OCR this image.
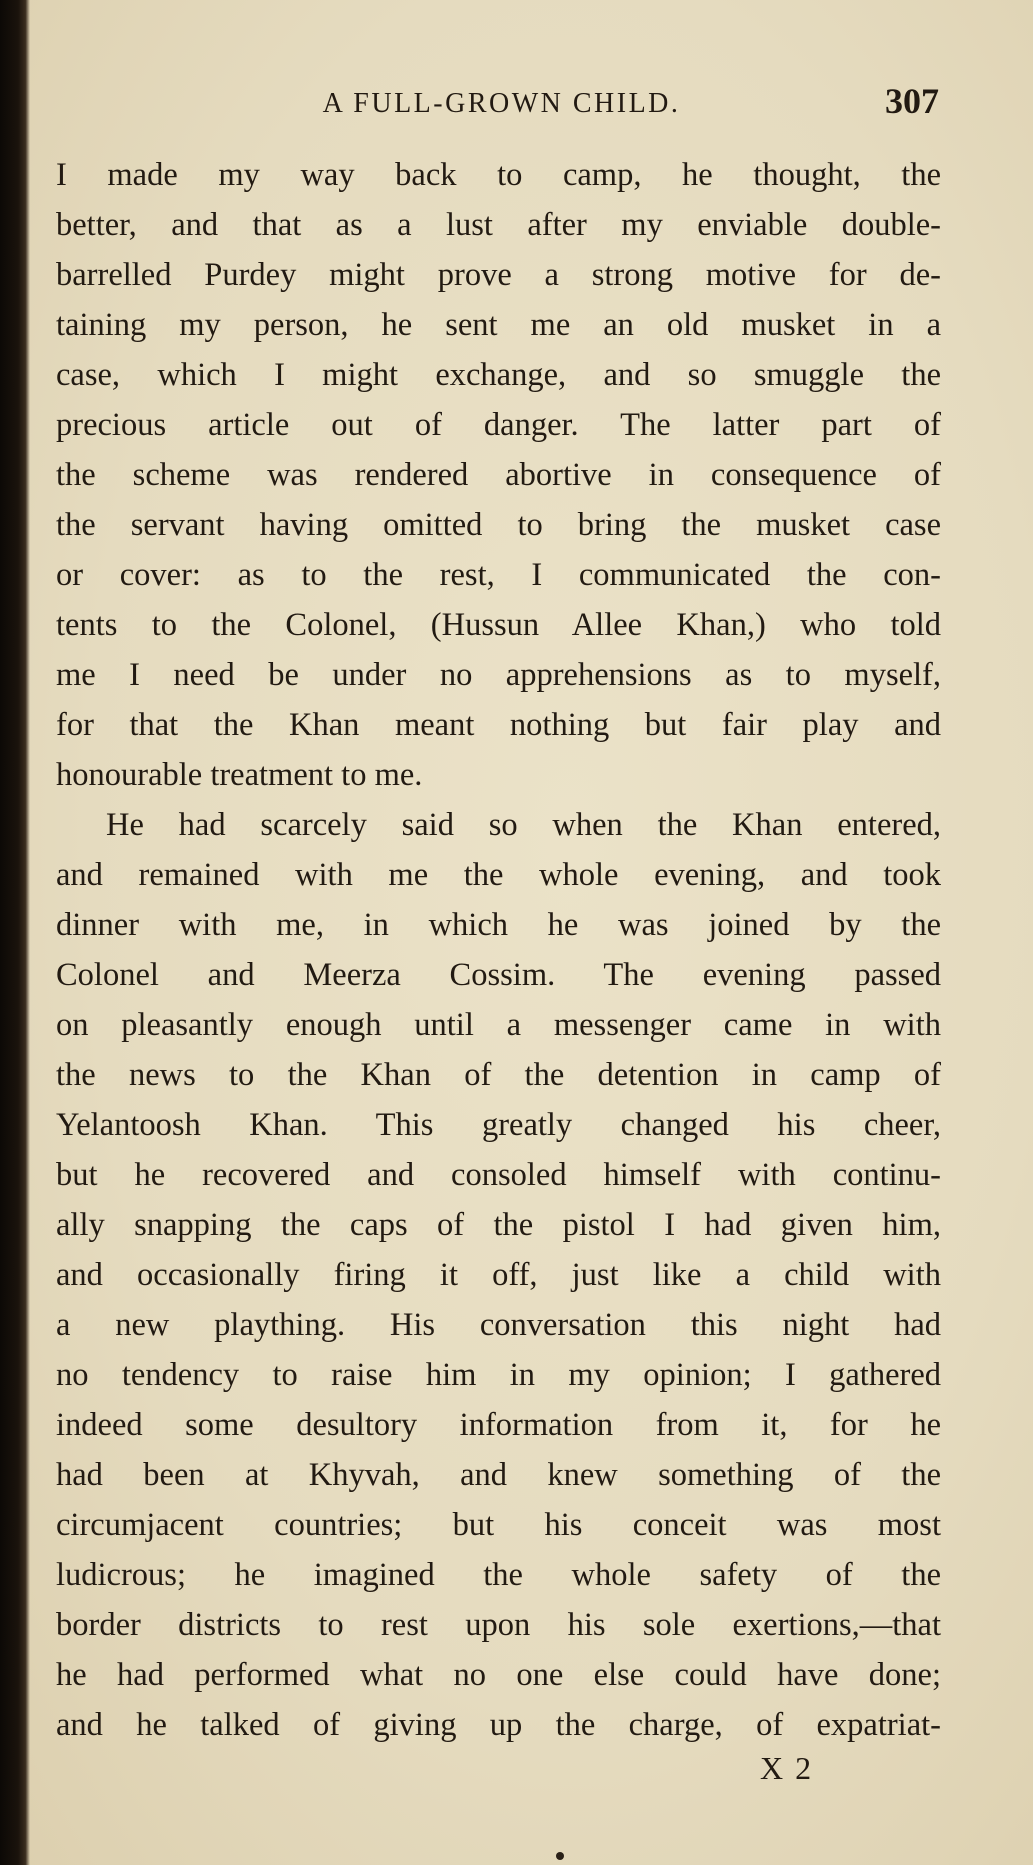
A FULL-GROWN CHILD.	307
I made my way back to camp, he thought, the
better, and that as a lust after my enviable double-
barrelled Purdey might prove a strong motive for de-
taining my person, he sent me an old musket in a
case, which I might exchange, and so smuggle the
precious article out of danger. The latter part of
the scheme was rendered abortive in consequence of
the servant having omitted to bring the musket case
or cover: as to the rest, I communicated the con-
tents to the Colonel, (Hussun Allee Khan,) who told
me I need be under no apprehensions as to myself,
for that the Khan meant nothing but fair play and
honourable treatment to me.
He had scarcely said so when the Khan entered,
and remained with me the whole evening, and took
dinner with me, in which he was joined by the
Colonel and Meerza Cossim. The evening passed
on pleasantly enough until a messenger came in with
the news to the Khan of the detention in camp of
Yelantoosh Khan. This greatly changed his cheer,
but he recovered and consoled himself with continu-
ally snapping the caps of the pistol I had given him,
and occasionally firing it off, just like a child with
a new plaything. His conversation this night had
no tendency to raise him in my opinion; I gathered
indeed some desultory information from it, for he
had been at Khyvah, and knew something of the
circumjacent countries; but his conceit was most
ludicrous; he imagined the whole safety of the
border districts to rest upon his sole exertions,—that
he had performed what no one else could have done;
and he talked of giving up the charge, of expatriat-
X 2
